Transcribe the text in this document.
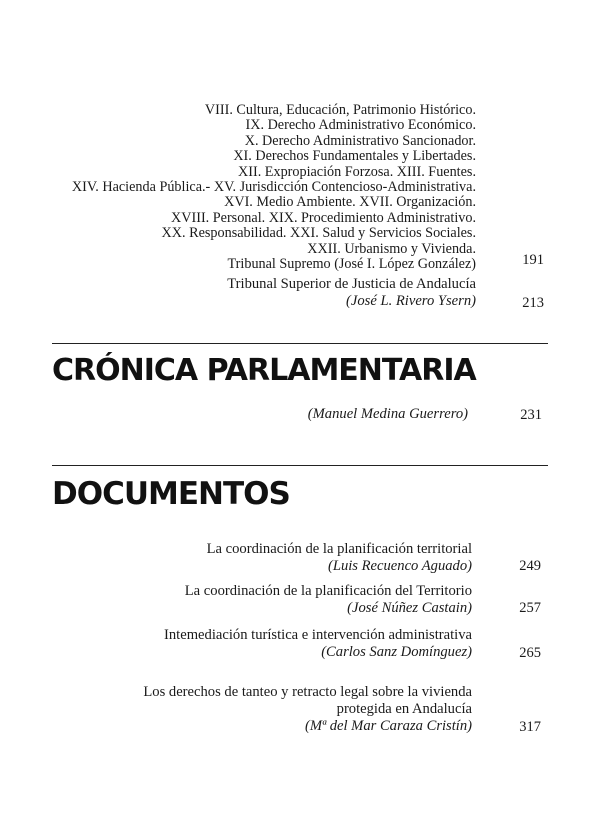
VIII. Cultura, Educación, Patrimonio Histórico.
IX. Derecho Administrativo Económico.
X. Derecho Administrativo Sancionador.
XI. Derechos Fundamentales y Libertades.
XII. Expropiación Forzosa. XIII. Fuentes.
XIV. Hacienda Pública.- XV. Jurisdicción Contencioso-Administrativa.
XVI. Medio Ambiente. XVII. Organización.
XVIII. Personal. XIX. Procedimiento Administrativo.
XX. Responsabilidad. XXI. Salud y Servicios Sociales.
XXII. Urbanismo y Vivienda.
Tribunal Supremo (José I. López González)	191
Tribunal Superior de Justicia de Andalucía
(José L. Rivero Ysern)	213
CRÓNICA PARLAMENTARIA
(Manuel Medina Guerrero)	231
DOCUMENTOS
La coordinación de la planificación territorial
(Luis Recuenco Aguado)	249
La coordinación de la planificación del Territorio
(José Núñez Castain)	257
Intemediación turística e intervención administrativa
(Carlos Sanz Domínguez)	265
Los derechos de tanteo y retracto legal sobre la vivienda
protegida en Andalucía
(Mª del Mar Caraza Cristín)	317
